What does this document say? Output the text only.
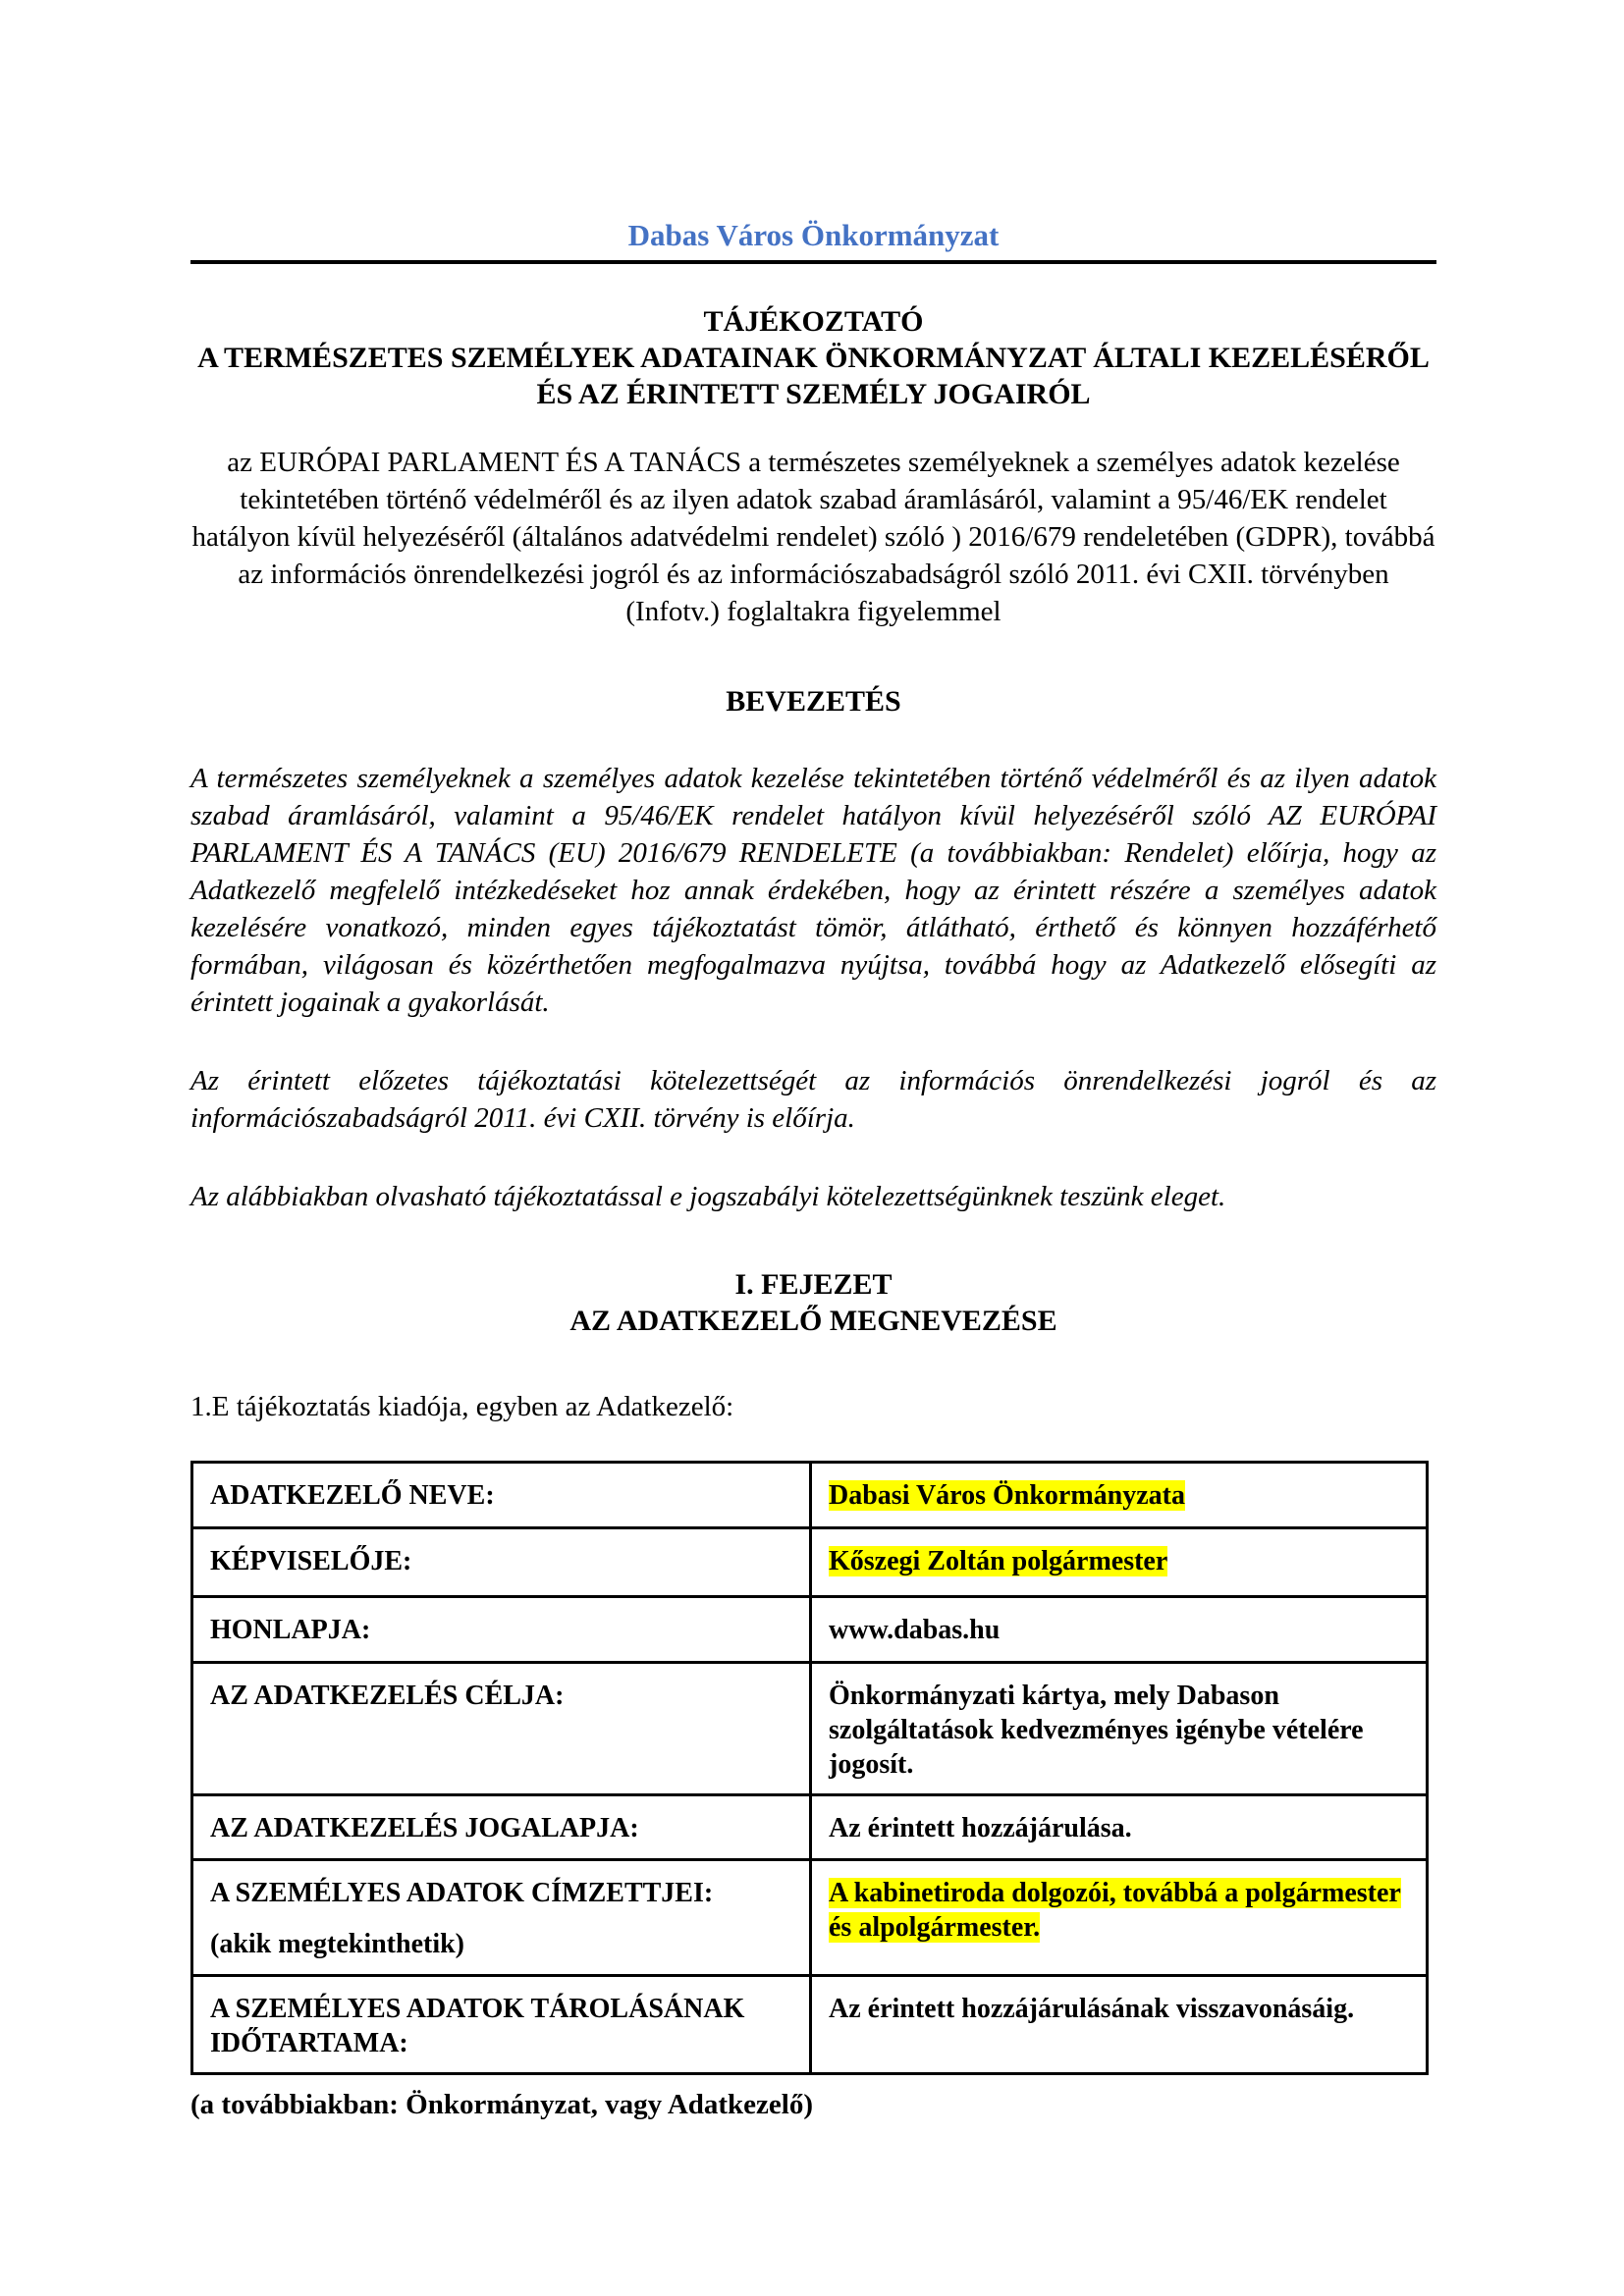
Dabas Város Önkormányzat
TÁJÉKOZTATÓ
A TERMÉSZETES SZEMÉLYEK ADATAINAK ÖNKORMÁNYZAT ÁLTALI KEZELÉSÉRŐL ÉS AZ ÉRINTETT SZEMÉLY JOGAIRÓL

az EURÓPAI PARLAMENT ÉS A TANÁCS a természetes személyeknek a személyes adatok kezelése tekintetében történő védelméről és az ilyen adatok szabad áramlásáról, valamint a 95/46/EK rendelet hatályon kívül helyezéséről (általános adatvédelmi rendelet) szóló ) 2016/679 rendeletében (GDPR), továbbá az információs önrendelkezési jogról és az információszabadságról szóló 2011. évi CXII. törvényben (Infotv.) foglaltakra figyelemmel

BEVEZETÉS

A természetes személyeknek a személyes adatok kezelése tekintetében történő védelméről és az ilyen adatok szabad áramlásáról, valamint a 95/46/EK rendelet hatályon kívül helyezéséről szóló AZ EURÓPAI PARLAMENT ÉS A TANÁCS (EU) 2016/679 RENDELETE (a továbbiakban: Rendelet) előírja, hogy az Adatkezelő megfelelő intézkedéseket hoz annak érdekében, hogy az érintett részére a személyes adatok kezelésére vonatkozó, minden egyes tájékoztatást tömör, átlátható, érthető és könnyen hozzáférhető formában, világosan és közérthetően megfogalmazva nyújtsa, továbbá hogy az Adatkezelő elősegíti az érintett jogainak a gyakorlását.

Az érintett előzetes tájékoztatási kötelezettségét az információs önrendelkezési jogról és az információszabadságról 2011. évi CXII. törvény is előírja.

Az alábbiakban olvasható tájékoztatással e jogszabályi kötelezettségünknek teszünk eleget.

I. FEJEZET
AZ ADATKEZELŐ MEGNEVEZÉSE

1.E tájékoztatás kiadója, egyben az Adatkezelő:

ADATKEZELŐ NEVE:	Dabasi Város Önkormányzata
KÉPVISELŐJE:	Kőszegi Zoltán polgármester
HONLAPJA:	www.dabas.hu
AZ ADATKEZELÉS CÉLJA:	Önkormányzati kártya, mely Dabason szolgáltatások kedvezményes igénybe vételére jogosít.
AZ ADATKEZELÉS JOGALAPJA:	Az érintett hozzájárulása.

A SZEMÉLYES ADATOK CÍMZETTJEI:
(akik megtekinthetik)	A kabinetiroda dolgozói, továbbá a polgármester és alpolgármester.
A SZEMÉLYES ADATOK TÁROLÁSÁNAK IDŐTARTAMA:	Az érintett hozzájárulásának visszavonásáig.

(a továbbiakban: Önkormányzat, vagy Adatkezelő)
